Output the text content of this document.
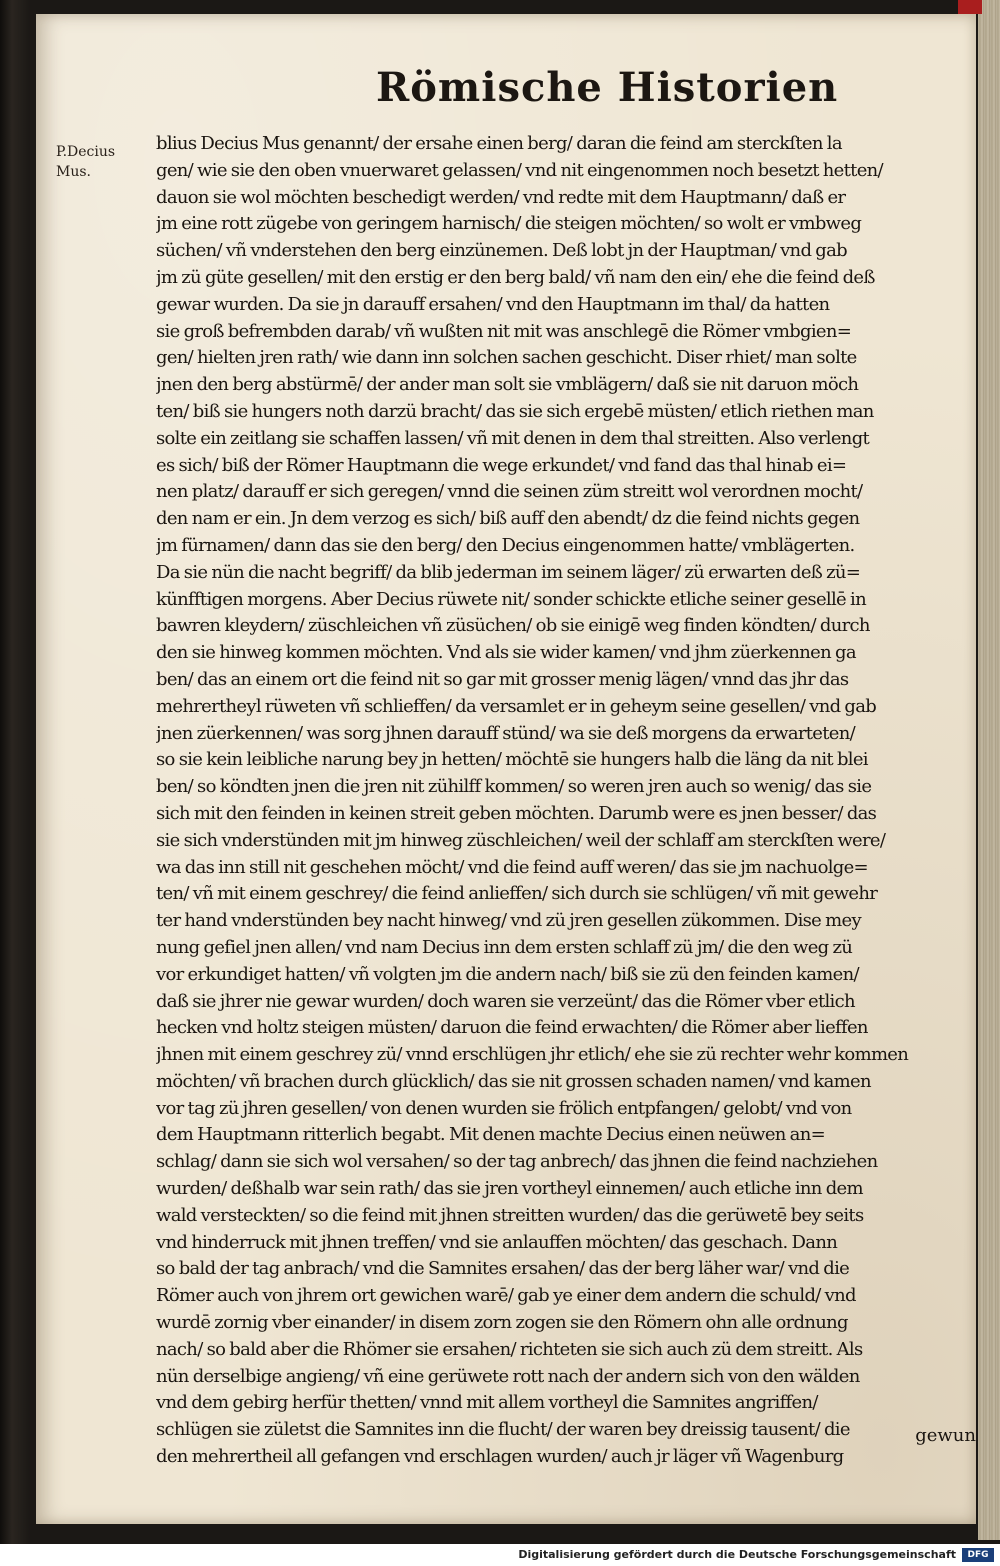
Römische Historien
P.Decius
Mus.
blius Decius Mus genannt/ der ersahe einen berg/ daran die feind am sterckſten la
gen/ wie sie den oben vnuerwaret gelassen/ vnd nit eingenommen noch besetzt hetten/
dauon sie wol möchten beschedigt werden/ vnd redte mit dem Hauptmann/ daß er
jm eine rott zügebe von geringem harnisch/ die steigen möchten/ so wolt er vmbweg
süchen/ vñ vnderstehen den berg einzünemen. Deß lobt jn der Hauptman/ vnd gab
jm zü güte gesellen/ mit den erstig er den berg bald/ vñ nam den ein/ ehe die feind deß
gewar wurden. Da sie jn darauff ersahen/ vnd den Hauptmann im thal/ da hatten
sie groß befrembden darab/ vñ wußten nit mit was anschlegē die Römer vmbgien=
gen/ hielten jren rath/ wie dann inn solchen sachen geschicht. Diser rhiet/ man solte
jnen den berg abstürmē/ der ander man solt sie vmblägern/ daß sie nit daruon möch
ten/ biß sie hungers noth darzü bracht/ das sie sich ergebē müsten/ etlich riethen man
solte ein zeitlang sie schaffen lassen/ vñ mit denen in dem thal streitten. Also verlengt
es sich/ biß der Römer Hauptmann die wege erkundet/ vnd fand das thal hinab ei=
nen platz/ darauff er sich geregen/ vnnd die seinen züm streitt wol verordnen mocht/
den nam er ein. Jn dem verzog es sich/ biß auff den abendt/ dz die feind nichts gegen
jm fürnamen/ dann das sie den berg/ den Decius eingenommen hatte/ vmblägerten.
Da sie nün die nacht begriff/ da blib jederman im seinem läger/ zü erwarten deß zü=
künfftigen morgens. Aber Decius rüwete nit/ sonder schickte etliche seiner gesellē in
bawren kleydern/ züschleichen vñ züsüchen/ ob sie einigē weg finden köndten/ durch
den sie hinweg kommen möchten. Vnd als sie wider kamen/ vnd jhm züerkennen ga
ben/ das an einem ort die feind nit so gar mit grosser menig lägen/ vnnd das jhr das
mehrertheyl rüweten vñ schlieffen/ da versamlet er in geheym seine gesellen/ vnd gab
jnen züerkennen/ was sorg jhnen darauff stünd/ wa sie deß morgens da erwarteten/
so sie kein leibliche narung bey jn hetten/ möchtē sie hungers halb die läng da nit blei
ben/ so köndten jnen die jren nit zühilff kommen/ so weren jren auch so wenig/ das sie
sich mit den feinden in keinen streit geben möchten. Darumb were es jnen besser/ das
sie sich vnderstünden mit jm hinweg züschleichen/ weil der schlaff am sterckſten were/
wa das inn still nit geschehen möcht/ vnd die feind auff weren/ das sie jm nachuolge=
ten/ vñ mit einem geschrey/ die feind anlieffen/ sich durch sie schlügen/ vñ mit gewehr
ter hand vnderstünden bey nacht hinweg/ vnd zü jren gesellen zükommen. Dise mey
nung gefiel jnen allen/ vnd nam Decius inn dem ersten schlaff zü jm/ die den weg zü
vor erkundiget hatten/ vñ volgten jm die andern nach/ biß sie zü den feinden kamen/
daß sie jhrer nie gewar wurden/ doch waren sie verzeünt/ das die Römer vber etlich
hecken vnd holtz steigen müsten/ daruon die feind erwachten/ die Römer aber lieffen
jhnen mit einem geschrey zü/ vnnd erschlügen jhr etlich/ ehe sie zü rechter wehr kommen
möchten/ vñ brachen durch glücklich/ das sie nit grossen schaden namen/ vnd kamen
vor tag zü jhren gesellen/ von denen wurden sie frölich entpfangen/ gelobt/ vnd von
dem Hauptmann ritterlich begabt. Mit denen machte Decius einen neüwen an=
schlag/ dann sie sich wol versahen/ so der tag anbrech/ das jhnen die feind nachziehen
wurden/ deßhalb war sein rath/ das sie jren vortheyl einnemen/ auch etliche inn dem
wald versteckten/ so die feind mit jhnen streitten wurden/ das die gerüwetē bey seits
vnd hinderruck mit jhnen treffen/ vnd sie anlauffen möchten/ das geschach. Dann
so bald der tag anbrach/ vnd die Samnites ersahen/ das der berg läher war/ vnd die
Römer auch von jhrem ort gewichen warē/ gab ye einer dem andern die schuld/ vnd
wurdē zornig vber einander/ in disem zorn zogen sie den Römern ohn alle ordnung
nach/ so bald aber die Rhömer sie ersahen/ richteten sie sich auch zü dem streitt. Als
nün derselbige angieng/ vñ eine gerüwete rott nach der andern sich von den wälden
vnd dem gebirg herfür thetten/ vnnd mit allem vortheyl die Samnites angriffen/
schlügen sie zületst die Samnites inn die flucht/ der waren bey dreissig tausent/ die
den mehrertheil all gefangen vnd erschlagen wurden/ auch jr läger vñ Wagenburg
gewun
Digitalisierung gefördert durch die Deutsche Forschungsgemeinschaft	DFG
